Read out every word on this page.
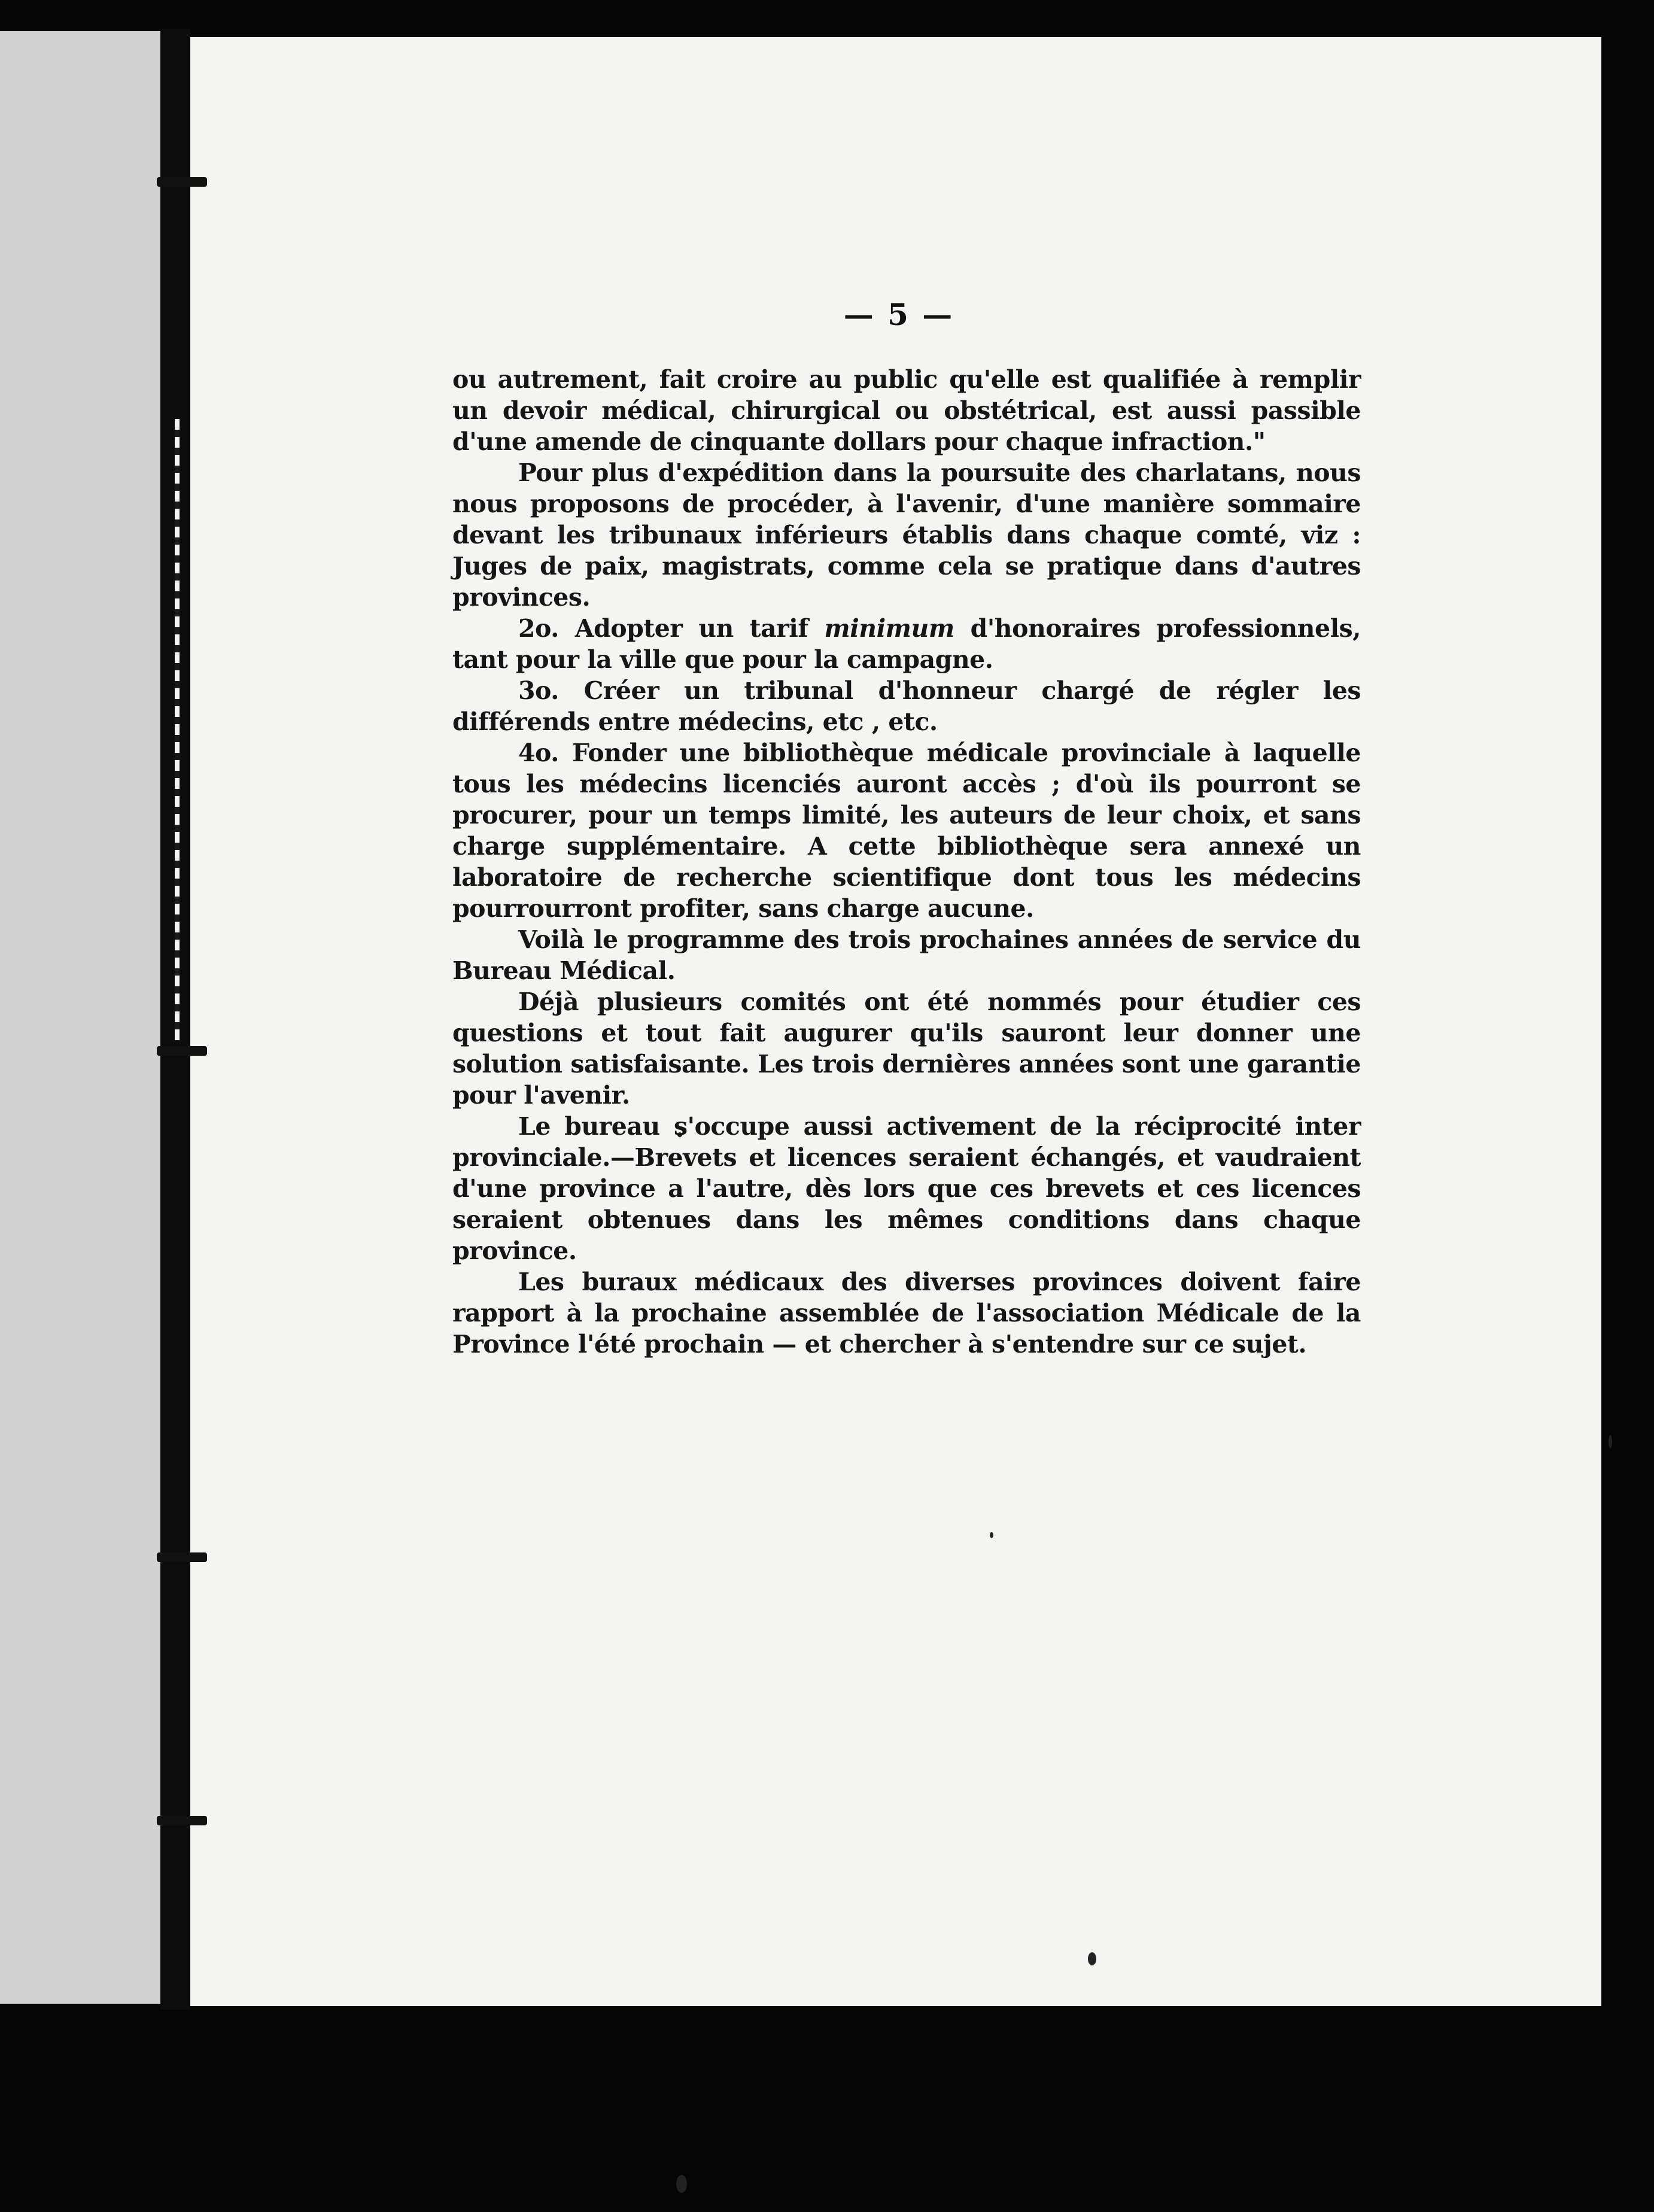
— 5 —

ou autrement, fait croire au public qu'elle est qualifiée à remplir un devoir médical, chirurgical ou obstétrical, est aussi passible d'une amende de cinquante dollars pour chaque infraction."

Pour plus d'expédition dans la poursuite des charlatans, nous nous proposons de procéder, à l'avenir, d'une manière sommaire devant les tribunaux inférieurs établis dans chaque comté, viz : Juges de paix, magistrats, comme cela se pratique dans d'autres provinces.

2o. Adopter un tarif minimum d'honoraires professionnels, tant pour la ville que pour la campagne.

3o. Créer un tribunal d'honneur chargé de régler les différends entre médecins, etc , etc.

4o. Fonder une bibliothèque médicale provinciale à laquelle tous les médecins licenciés auront accès ; d'où ils pourront se procurer, pour un temps limité, les auteurs de leur choix, et sans charge supplémentaire. A cette bibliothèque sera annexé un laboratoire de recherche scientifique dont tous les médecins pourrourront profiter, sans charge aucune.

Voilà le programme des trois prochaines années de service du Bureau Médical.

Déjà plusieurs comités ont été nommés pour étudier ces questions et tout fait augurer qu'ils sauront leur donner une solution satisfaisante. Les trois dernières années sont une garantie pour l'avenir.

Le bureau s'occupe aussi activement de la réciprocité inter provinciale.—Brevets et licences seraient échangés, et vaudraient d'une province a l'autre, dès lors que ces brevets et ces licences seraient obtenues dans les mêmes conditions dans chaque province.

Les buraux médicaux des diverses provinces doivent faire rapport à la prochaine assemblée de l'association Médicale de la Province l'été prochain — et chercher à s'entendre sur ce sujet.
